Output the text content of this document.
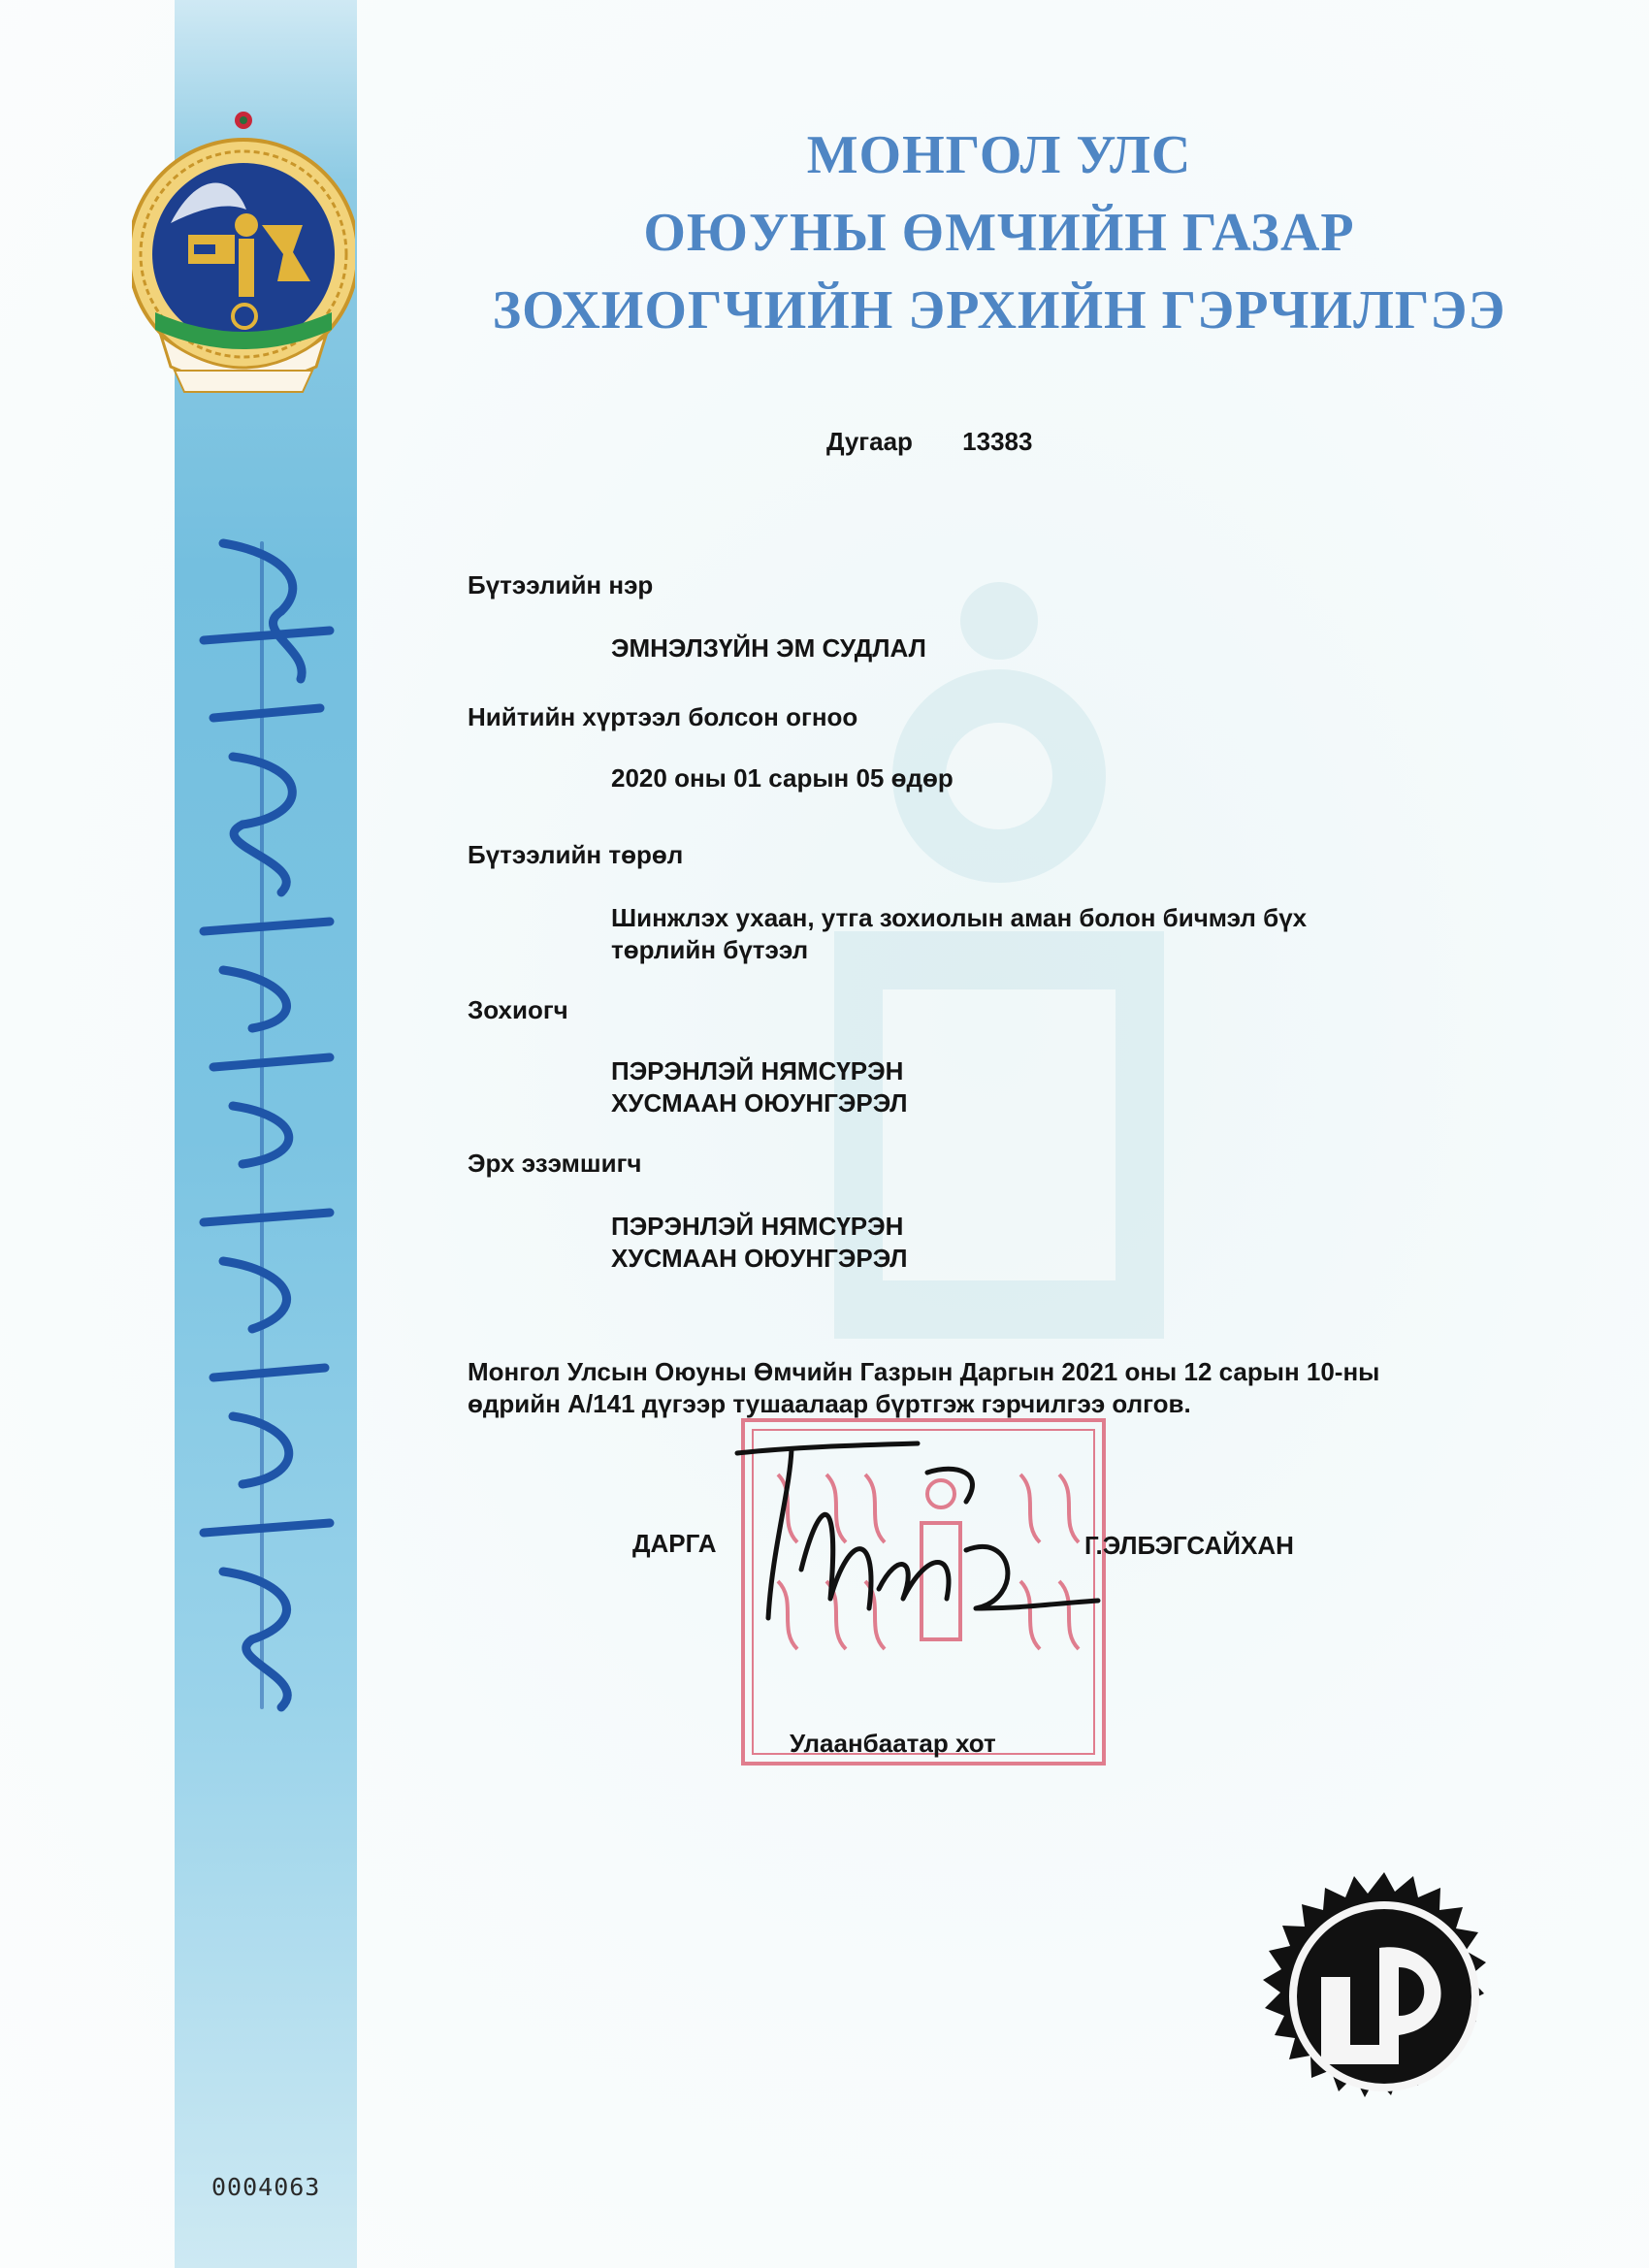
0004063
МОНГОЛ УЛС
ОЮУНЫ ӨМЧИЙН ГАЗАР
ЗОХИОГЧИЙН ЭРХИЙН ГЭРЧИЛГЭЭ
Дугаар 13383
Бүтээлийн нэр
ЭМНЭЛЗҮЙН ЭМ СУДЛАЛ
Нийтийн хүртээл болсон огноо
2020 оны 01 сарын 05 өдөр
Бүтээлийн төрөл
Шинжлэх ухаан, утга зохиолын аман болон бичмэл бүх
төрлийн бүтээл
Зохиогч
ПЭРЭНЛЭЙ НЯМСҮРЭН
ХУСМААН ОЮУНГЭРЭЛ
Эрх эзэмшигч
ПЭРЭНЛЭЙ НЯМСҮРЭН
ХУСМААН ОЮУНГЭРЭЛ
Монгол Улсын Оюуны Өмчийн Газрын Даргын 2021 оны 12 сарын 10-ны
өдрийн А/141 дүгээр тушаалаар бүртгэж гэрчилгээ олгов.
ДАРГА	Г.ЭЛБЭГСАЙХАН
Улаанбаатар хот
